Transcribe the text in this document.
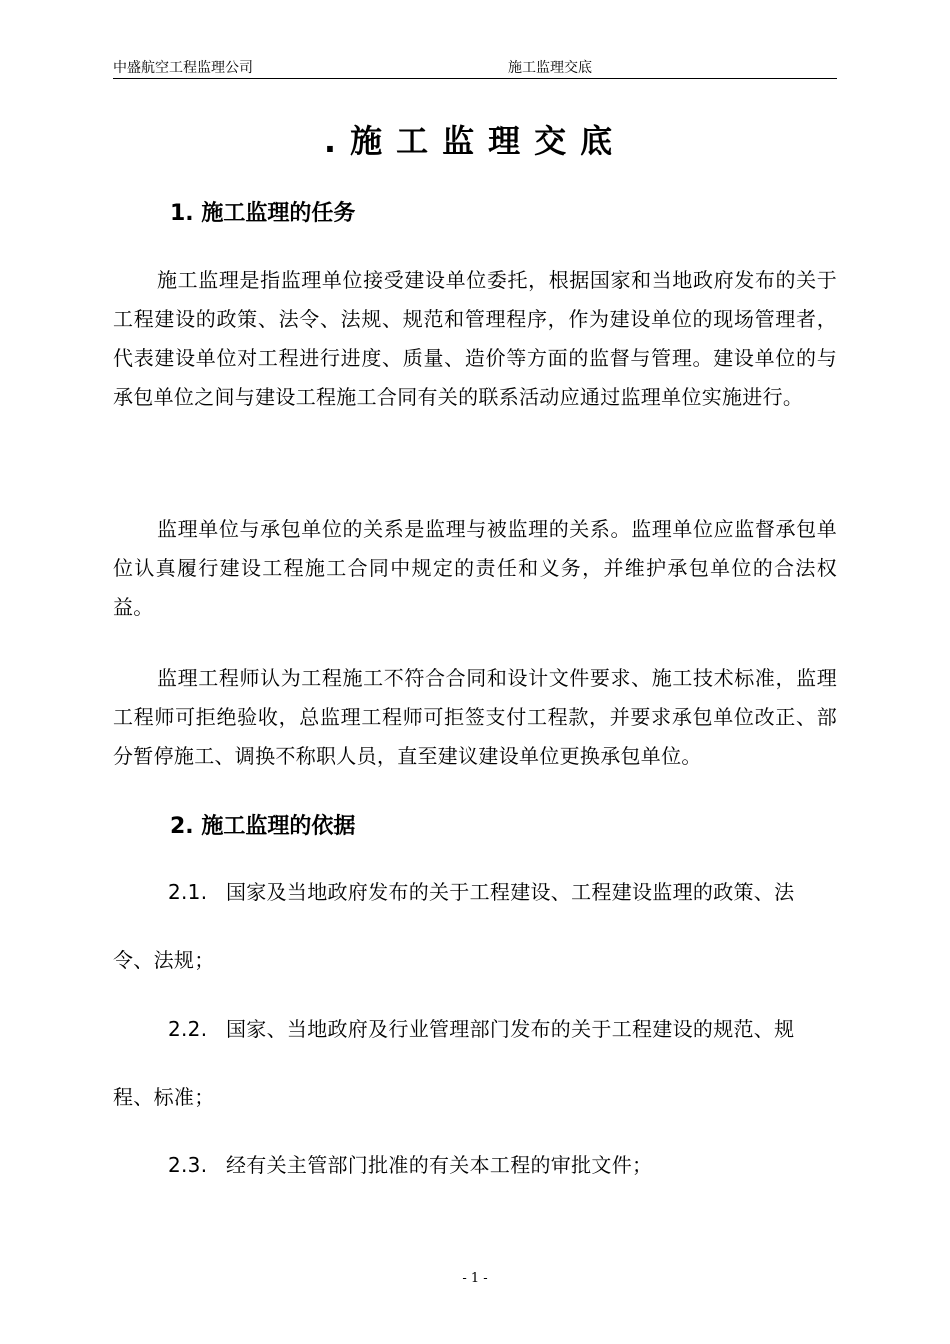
中盛航空工程监理公司	施工监理交底
.施工监理交底
1. 施工监理的任务
施工监理是指监理单位接受建设单位委托，根据国家和当地政府发布的关于工程建设的政策、法令、法规、规范和管理程序，作为建设单位的现场管理者，代表建设单位对工程进行进度、质量、造价等方面的监督与管理。建设单位的与承包单位之间与建设工程施工合同有关的联系活动应通过监理单位实施进行。
监理单位与承包单位的关系是监理与被监理的关系。监理单位应监督承包单位认真履行建设工程施工合同中规定的责任和义务，并维护承包单位的合法权益。
监理工程师认为工程施工不符合合同和设计文件要求、施工技术标准，监理工程师可拒绝验收，总监理工程师可拒签支付工程款，并要求承包单位改正、部分暂停施工、调换不称职人员，直至建议建设单位更换承包单位。
2. 施工监理的依据
2.1. 国家及当地政府发布的关于工程建设、工程建设监理的政策、法
令、法规；
2.2. 国家、当地政府及行业管理部门发布的关于工程建设的规范、规
程、标准；
2.3. 经有关主管部门批准的有关本工程的审批文件；
- 1 -
